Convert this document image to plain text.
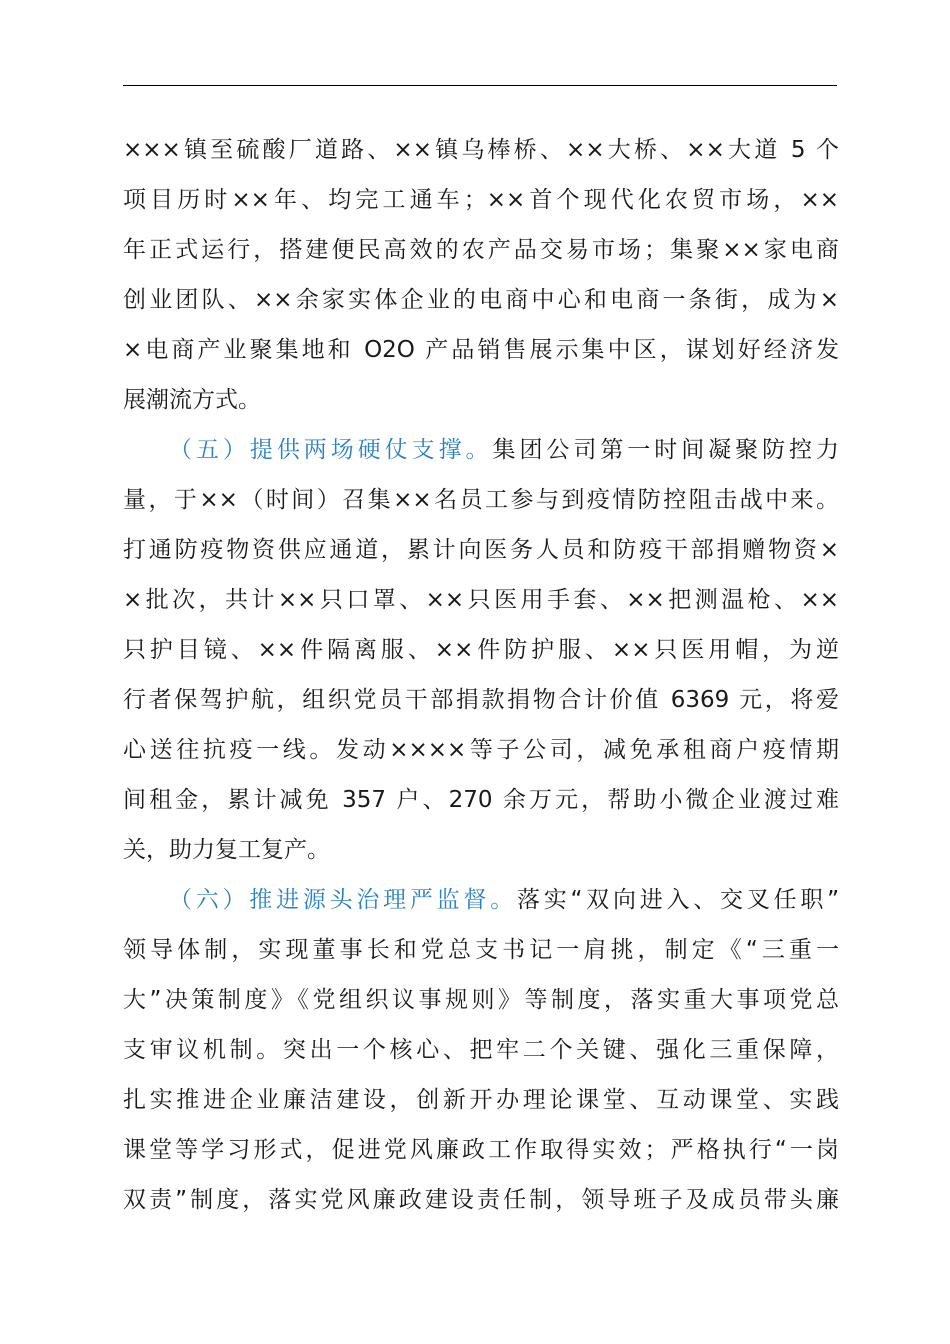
×××镇至硫酸厂道路、××镇乌棒桥、××大桥、××大道 5 个
项目历时××年、均完工通车；××首个现代化农贸市场，××
年正式运行，搭建便民高效的农产品交易市场；集聚××家电商
创业团队、××余家实体企业的电商中心和电商一条街，成为×
×电商产业聚集地和 O2O 产品销售展示集中区，谋划好经济发
展潮流方式。
（五）提供两场硬仗支撑。集团公司第一时间凝聚防控力
量，于××（时间）召集××名员工参与到疫情防控阻击战中来。
打通防疫物资供应通道，累计向医务人员和防疫干部捐赠物资×
×批次，共计××只口罩、××只医用手套、××把测温枪、××
只护目镜、××件隔离服、××件防护服、××只医用帽，为逆
行者保驾护航，组织党员干部捐款捐物合计价值 6369 元，将爱
心送往抗疫一线。发动××××等子公司，减免承租商户疫情期
间租金，累计减免 357 户、270 余万元，帮助小微企业渡过难
关，助力复工复产。
（六）推进源头治理严监督。落实“双向进入、交叉任职”
领导体制，实现董事长和党总支书记一肩挑，制定《“三重一
大”决策制度》《党组织议事规则》等制度，落实重大事项党总
支审议机制。突出一个核心、把牢二个关键、强化三重保障，
扎实推进企业廉洁建设，创新开办理论课堂、互动课堂、实践
课堂等学习形式，促进党风廉政工作取得实效；严格执行“一岗
双责”制度，落实党风廉政建设责任制，领导班子及成员带头廉
